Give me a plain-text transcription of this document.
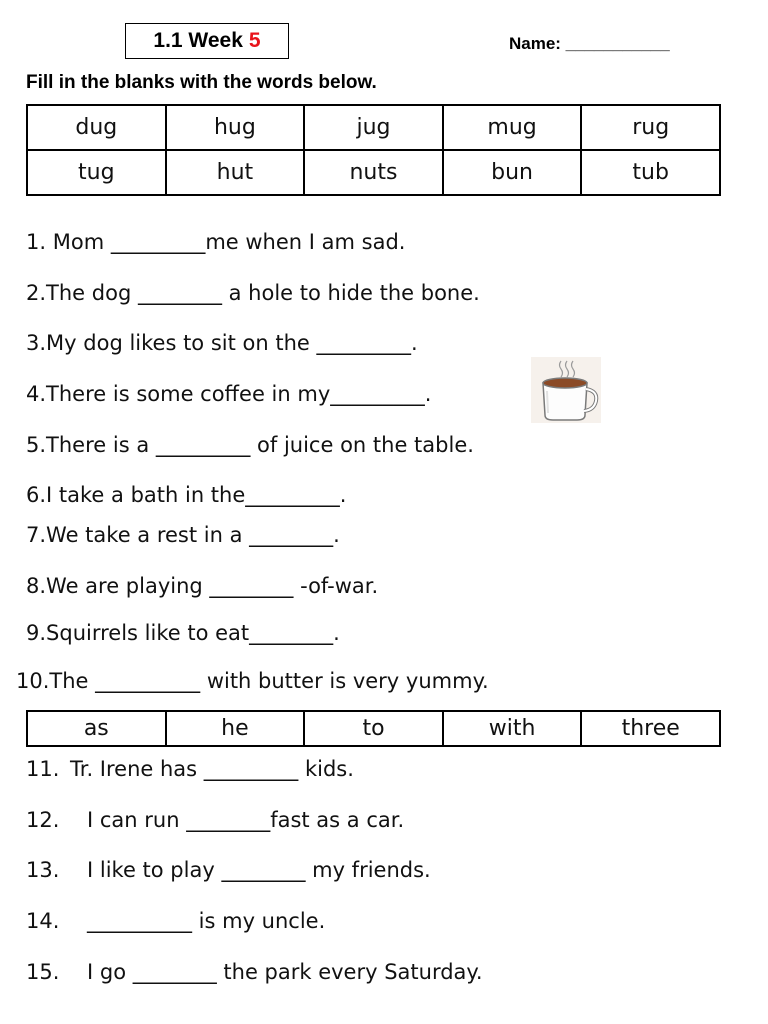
1.1 Week 5	Name: ___________
Fill in the blanks with the words below.
dug	hug	jug	mug	rug
tug	hut	nuts	bun	tub
1. Mom _________me when I am sad.
2.The dog ________ a hole to hide the bone.
3.My dog likes to sit on the _________.
4.There is some coffee in my_________.
5.There is a _________ of juice on the table.
6.I take a bath in the_________.
7.We take a rest in a ________.
8.We are playing ________ -of-war.
9.Squirrels like to eat________.
10.The __________ with butter is very yummy.
as	he	to	with	three
11. Tr. Irene has _________ kids.
12. I can run ________fast as a car.
13. I like to play ________ my friends.
14. __________ is my uncle.
15. I go ________ the park every Saturday.
